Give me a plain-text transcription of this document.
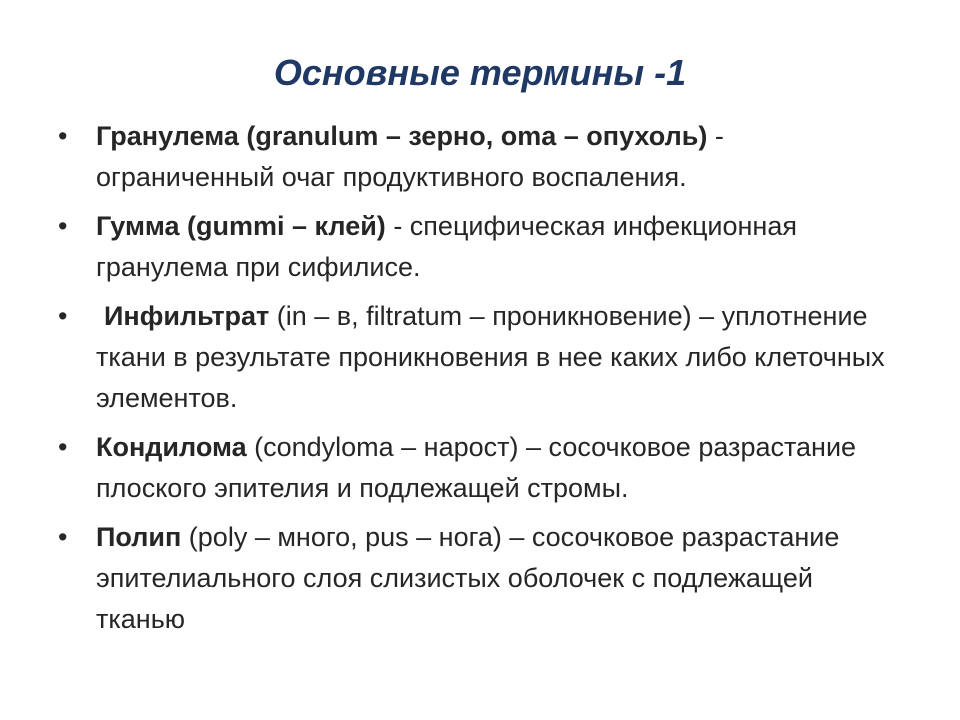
Основные термины -1
• Гранулема (granulum – зерно, oma – опухоль) - ограниченный очаг продуктивного воспаления.
• Гумма (gummi – клей) - специфическая инфекционная гранулема при сифилисе.
• Инфильтрат (in – в, filtratum – проникновение) – уплотнение ткани в результате проникновения в нее каких либо клеточных элементов.
• Кондилома (condyloma – нарост) – сосочковое разрастание плоского эпителия и подлежащей стромы.
• Полип (poly – много, pus – нога) – сосочковое разрастание эпителиального слоя слизистых оболочек с подлежащей тканью
